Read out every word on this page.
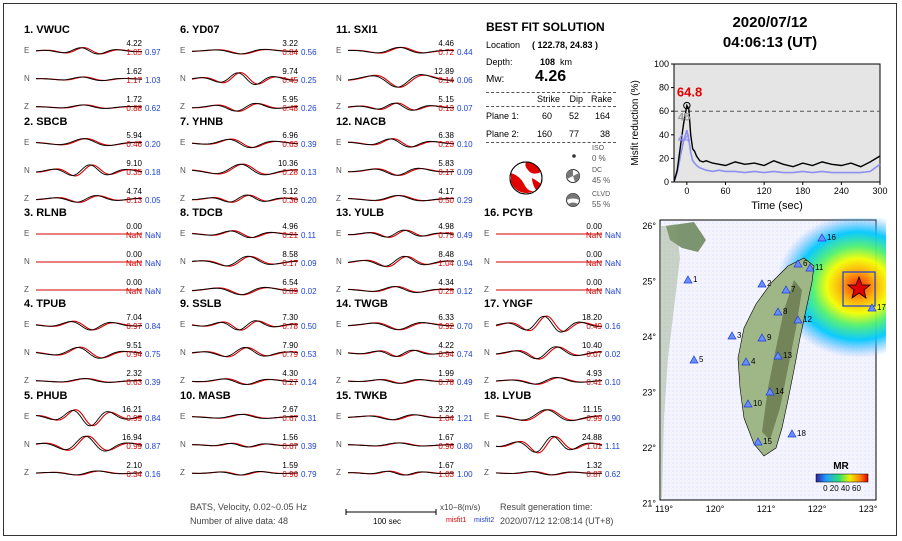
1. VWUC
E
4.22
1.05 0.97
N
1.62
1.17 1.03
Z
1.72
0.88 0.62
2. SBCB
E
5.94
0.46 0.20
N
9.10
0.35 0.18
Z
4.74
0.13 0.05
3. RLNB
E
0.00
NaN NaN
N
0.00
NaN NaN
Z
0.00
NaN NaN
4. TPUB
E
7.04
0.97 0.84
N
9.51
0.94 0.75
Z
2.32
0.63 0.39
5. PHUB
E
16.21
0.99 0.84
N
16.94
0.99 0.87
Z
2.10
0.34 0.16
6. YD07
E
3.22
0.84 0.56
N
9.74
0.45 0.25
Z
5.95
0.48 0.26
7. YHNB
E
6.96
0.63 0.39
N
10.36
0.28 0.13
Z
5.12
0.36 0.20
8. TDCB
E
4.96
0.21 0.11
N
8.58
0.17 0.09
Z
6.54
0.09 0.02
9. SSLB
E
7.30
0.78 0.50
N
7.90
0.79 0.53
Z
4.30
0.27 0.14
10. MASB
E
2.67
0.67 0.31
N
1.56
0.67 0.39
Z
1.59
0.96 0.79
11. SXI1
E
4.46
0.72 0.44
N
12.89
0.14 0.06
Z
5.15
0.13 0.07
12. NACB
E
6.38
0.23 0.10
N
5.83
0.17 0.09
Z
4.17
0.50 0.29
13. YULB
E
4.98
0.75 0.49
N
8.48
1.04 0.94
Z
4.34
0.25 0.12
14. TWGB
E
6.33
0.92 0.70
N
4.22
0.94 0.74
Z
1.99
0.78 0.49
15. TWKB
E
3.22
1.04 1.21
N
1.67
0.96 0.80
Z
1.67
1.03 1.00
16. PCYB
E
0.00
NaN NaN
N
0.00
NaN NaN
Z
0.00
NaN NaN
17. YNGF
E
18.20
0.49 0.16
N
10.40
0.07 0.02
Z
4.93
0.41 0.10
18. LYUB
E
11.15
0.99 0.90
N
24.88
1.01 1.11
Z
1.32
0.87 0.62
BEST FIT SOLUTION
Location ( 122.78, 24.83 )
Depth:	108 km
Mw: 4.26
Strike	Dip Rake
Plane 1:	60	52	164
Plane 2:	160	77	38
ISO
0 %
DC
45 %
CLVD
55 %
2020/07/12
04:06:13 (UT)
0
20
40
60
80
100
0	60	120	180	240	300
64.8
45
44
Misfit reduction (%)
Time (sec)
1	2
3
4
5
6
7
8
9
10
11
12
13
14
15
16
17
18
26°
25°
24°
23°
22°
21°
119°	120°	121°	122°	123°
MR
0 20 40 60
BATS, Velocity, 0.02~0.05 Hz
Number of alive data: 48
x10−8(m/s)
100 sec	misfit1 misfit2
Result generation time:
2020/07/12 12:08:14 (UT+8)
